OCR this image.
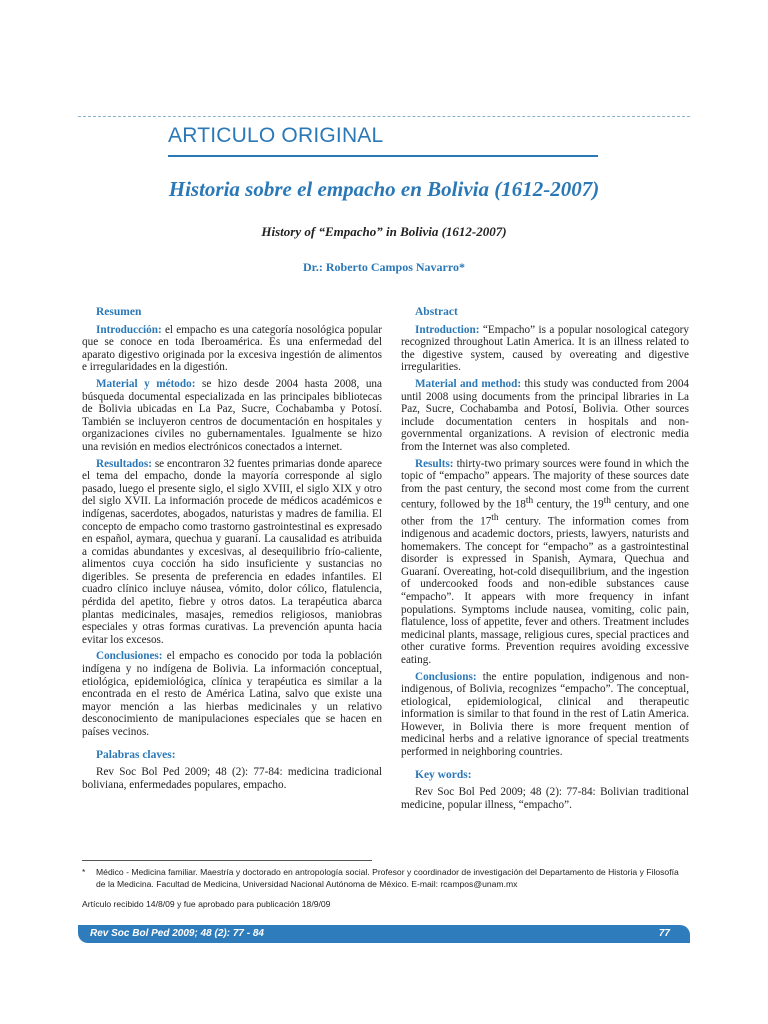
ARTICULO ORIGINAL
Historia sobre el empacho en Bolivia (1612-2007)
History of “Empacho” in Bolivia (1612-2007)
Dr.: Roberto Campos Navarro*
Resumen

Introducción: el empacho es una categoría nosológica popular que se conoce en toda Iberoamérica. Es una enfermedad del aparato digestivo originada por la excesiva ingestión de alimentos e irregularidades en la digestión.

Material y método: se hizo desde 2004 hasta 2008, una búsqueda documental especializada en las principales bibliotecas de Bolivia ubicadas en La Paz, Sucre, Cochabamba y Potosí. También se incluyeron centros de documentación en hospitales y organizaciones civiles no gubernamentales. Igualmente se hizo una revisión en medios electrónicos conectados a internet.

Resultados: se encontraron 32 fuentes primarias donde aparece el tema del empacho, donde la mayoría corresponde al siglo pasado, luego el presente siglo, el siglo XVIII, el siglo XIX y otro del siglo XVII. La información procede de médicos académicos e indígenas, sacerdotes, abogados, naturistas y madres de familia. El concepto de empacho como trastorno gastrointestinal es expresado en español, aymara, quechua y guaraní. La causalidad es atribuida a comidas abundantes y excesivas, al desequilibrio frío-caliente, alimentos cuya cocción ha sido insuficiente y sustancias no digeribles. Se presenta de preferencia en edades infantiles. El cuadro clínico incluye náusea, vómito, dolor cólico, flatulencia, pérdida del apetito, fiebre y otros datos. La terapéutica abarca plantas medicinales, masajes, remedios religiosos, maniobras especiales y otras formas curativas. La prevención apunta hacia evitar los excesos.

Conclusiones: el empacho es conocido por toda la población indígena y no indígena de Bolivia. La información conceptual, etiológica, epidemiológica, clínica y terapéutica es similar a la encontrada en el resto de América Latina, salvo que existe una mayor mención a las hierbas medicinales y un relativo desconocimiento de manipulaciones especiales que se hacen en países vecinos.

Palabras claves:

Rev Soc Bol Ped 2009; 48 (2): 77-84: medicina tradicional boliviana, enfermedades populares, empacho.

Abstract

Introduction: “Empacho” is a popular nosological category recognized throughout Latin America. It is an illness related to the digestive system, caused by overeating and digestive irregularities.

Material and method: this study was conducted from 2004 until 2008 using documents from the principal libraries in La Paz, Sucre, Cochabamba and Potosí, Bolivia. Other sources include documentation centers in hospitals and non-governmental organizations. A revision of electronic media from the Internet was also completed.

Results: thirty-two primary sources were found in which the topic of “empacho” appears. The majority of these sources date from the past century, the second most come from the current century, followed by the 18th century, the 19th century, and one other from the 17th century. The information comes from indigenous and academic doctors, priests, lawyers, naturists and homemakers. The concept for “empacho” as a gastrointestinal disorder is expressed in Spanish, Aymara, Quechua and Guaraní. Overeating, hot-cold disequilibrium, and the ingestion of undercooked foods and non-edible substances cause “empacho”. It appears with more frequency in infant populations. Symptoms include nausea, vomiting, colic pain, flatulence, loss of appetite, fever and others. Treatment includes medicinal plants, massage, religious cures, special practices and other curative forms. Prevention requires avoiding excessive eating.

Conclusions: the entire population, indigenous and non-indigenous, of Bolivia, recognizes “empacho”. The conceptual, etiological, epidemiological, clinical and therapeutic information is similar to that found in the rest of Latin America. However, in Bolivia there is more frequent mention of medicinal herbs and a relative ignorance of special treatments performed in neighboring countries.

Key words:

Rev Soc Bol Ped 2009; 48 (2): 77-84: Bolivian traditional medicine, popular illness, “empacho”.

*	Médico - Medicina familiar. Maestría y doctorado en antropología social. Profesor y coordinador de investigación del Departamento de Historia y Filosofía de la Medicina. Facultad de Medicina, Universidad Nacional Autónoma de México. E-mail: rcampos@unam.mx
Artículo recibido 14/8/09 y fue aprobado para publicación 18/9/09
Rev Soc Bol Ped 2009; 48 (2): 77 - 84	77
